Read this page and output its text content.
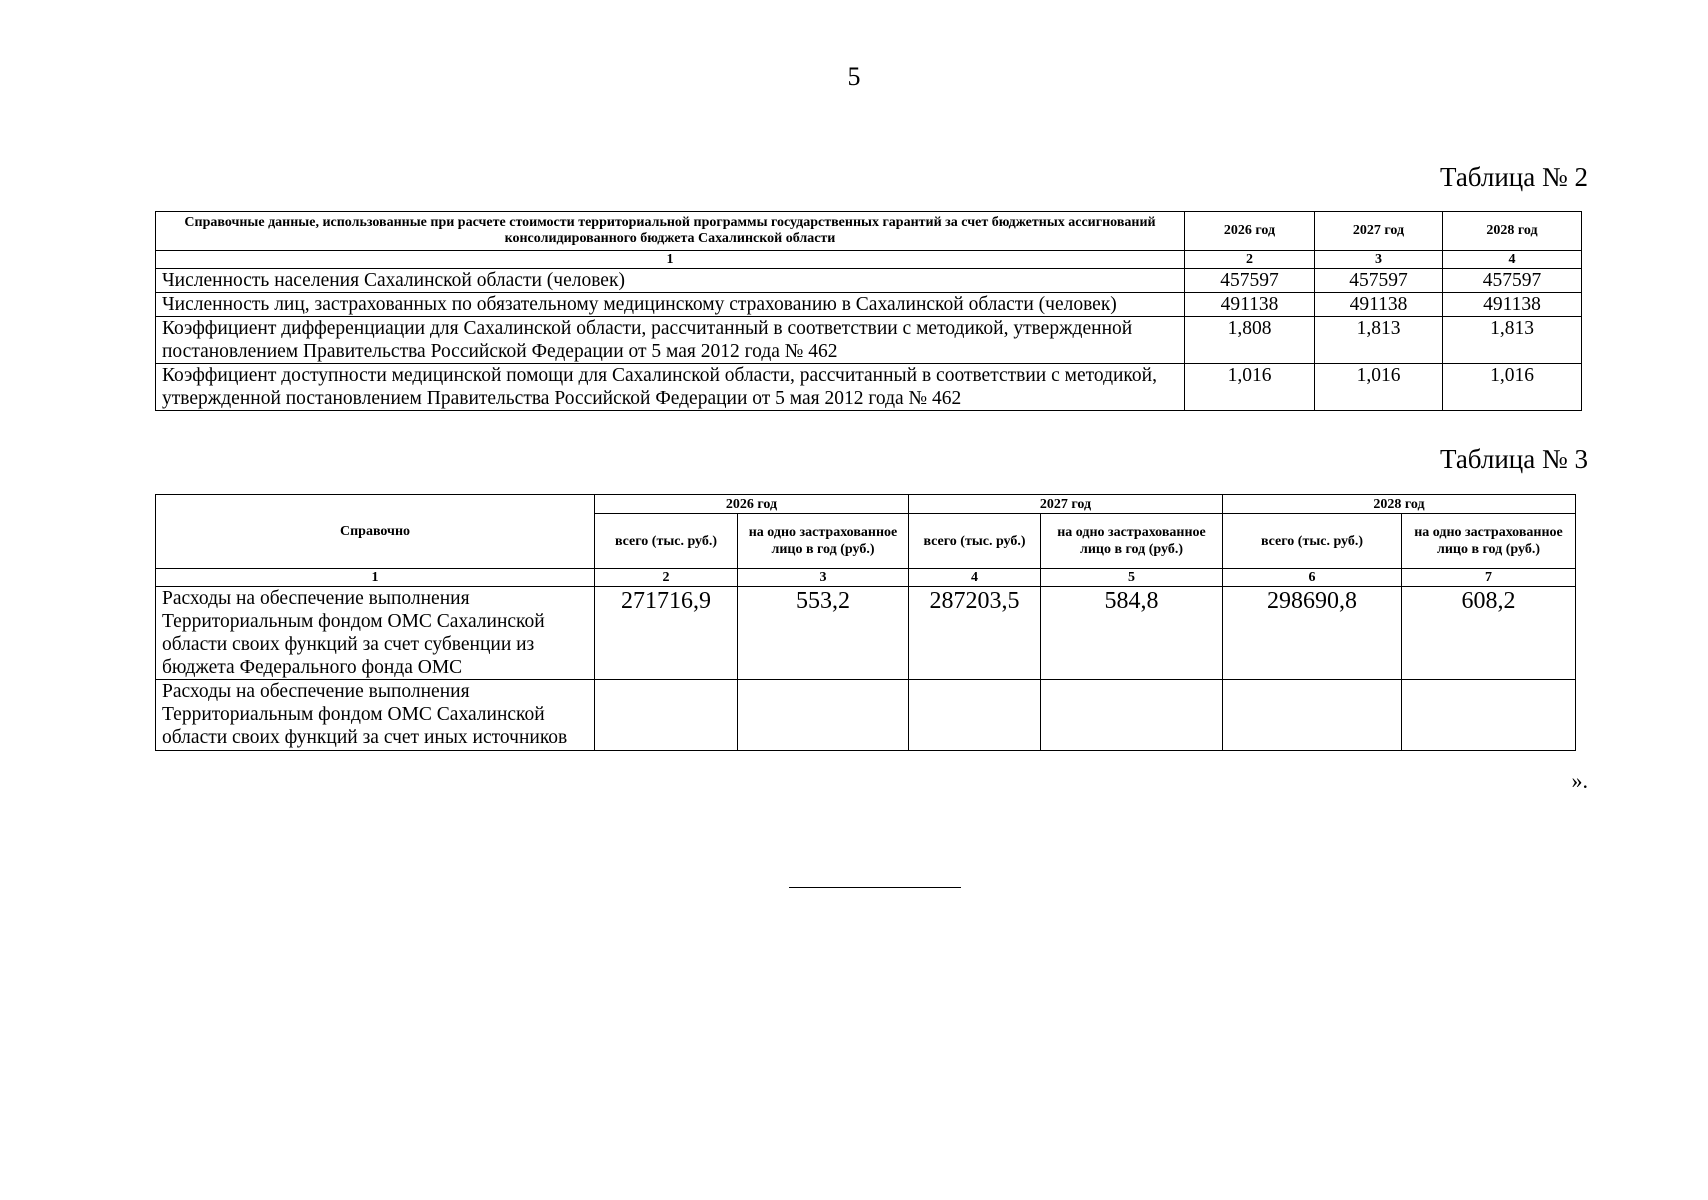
5
Таблица № 2
Справочные данные, использованные при расчете стоимости территориальной программы государственных гарантий за счет бюджетных ассигнований консолидированного бюджета Сахалинской области	2026 год	2027 год	2028 год
1	2	3	4
Численность населения Сахалинской области (человек)	457597	457597	457597
Численность лиц, застрахованных по обязательному медицинскому страхованию в Сахалинской области (человек)	491138	491138	491138
Коэффициент дифференциации для Сахалинской области, рассчитанный в соответствии с методикой, утвержденной постановлением Правительства Российской Федерации от 5 мая 2012 года № 462	1,808	1,813	1,813
Коэффициент доступности медицинской помощи для Сахалинской области, рассчитанный в соответствии с методикой, утвержденной постановлением Правительства Российской Федерации от 5 мая 2012 года № 462	1,016	1,016	1,016
Таблица № 3
Справочно	2026 год		2027 год		2028 год	
	всего (тыс. руб.)	на одно застрахованное лицо в год (руб.)	всего (тыс. руб.)	на одно застрахованное лицо в год (руб.)	всего (тыс. руб.)	на одно застрахованное лицо в год (руб.)
1	2	3	4	5	6	7
Расходы на обеспечение выполнения Территориальным фондом ОМС Сахалинской области своих функций за счет субвенции из бюджета Федерального фонда ОМС	271716,9	553,2	287203,5	584,8	298690,8	608,2
Расходы на обеспечение выполнения Территориальным фондом ОМС Сахалинской области своих функций за счет иных источников						
».
